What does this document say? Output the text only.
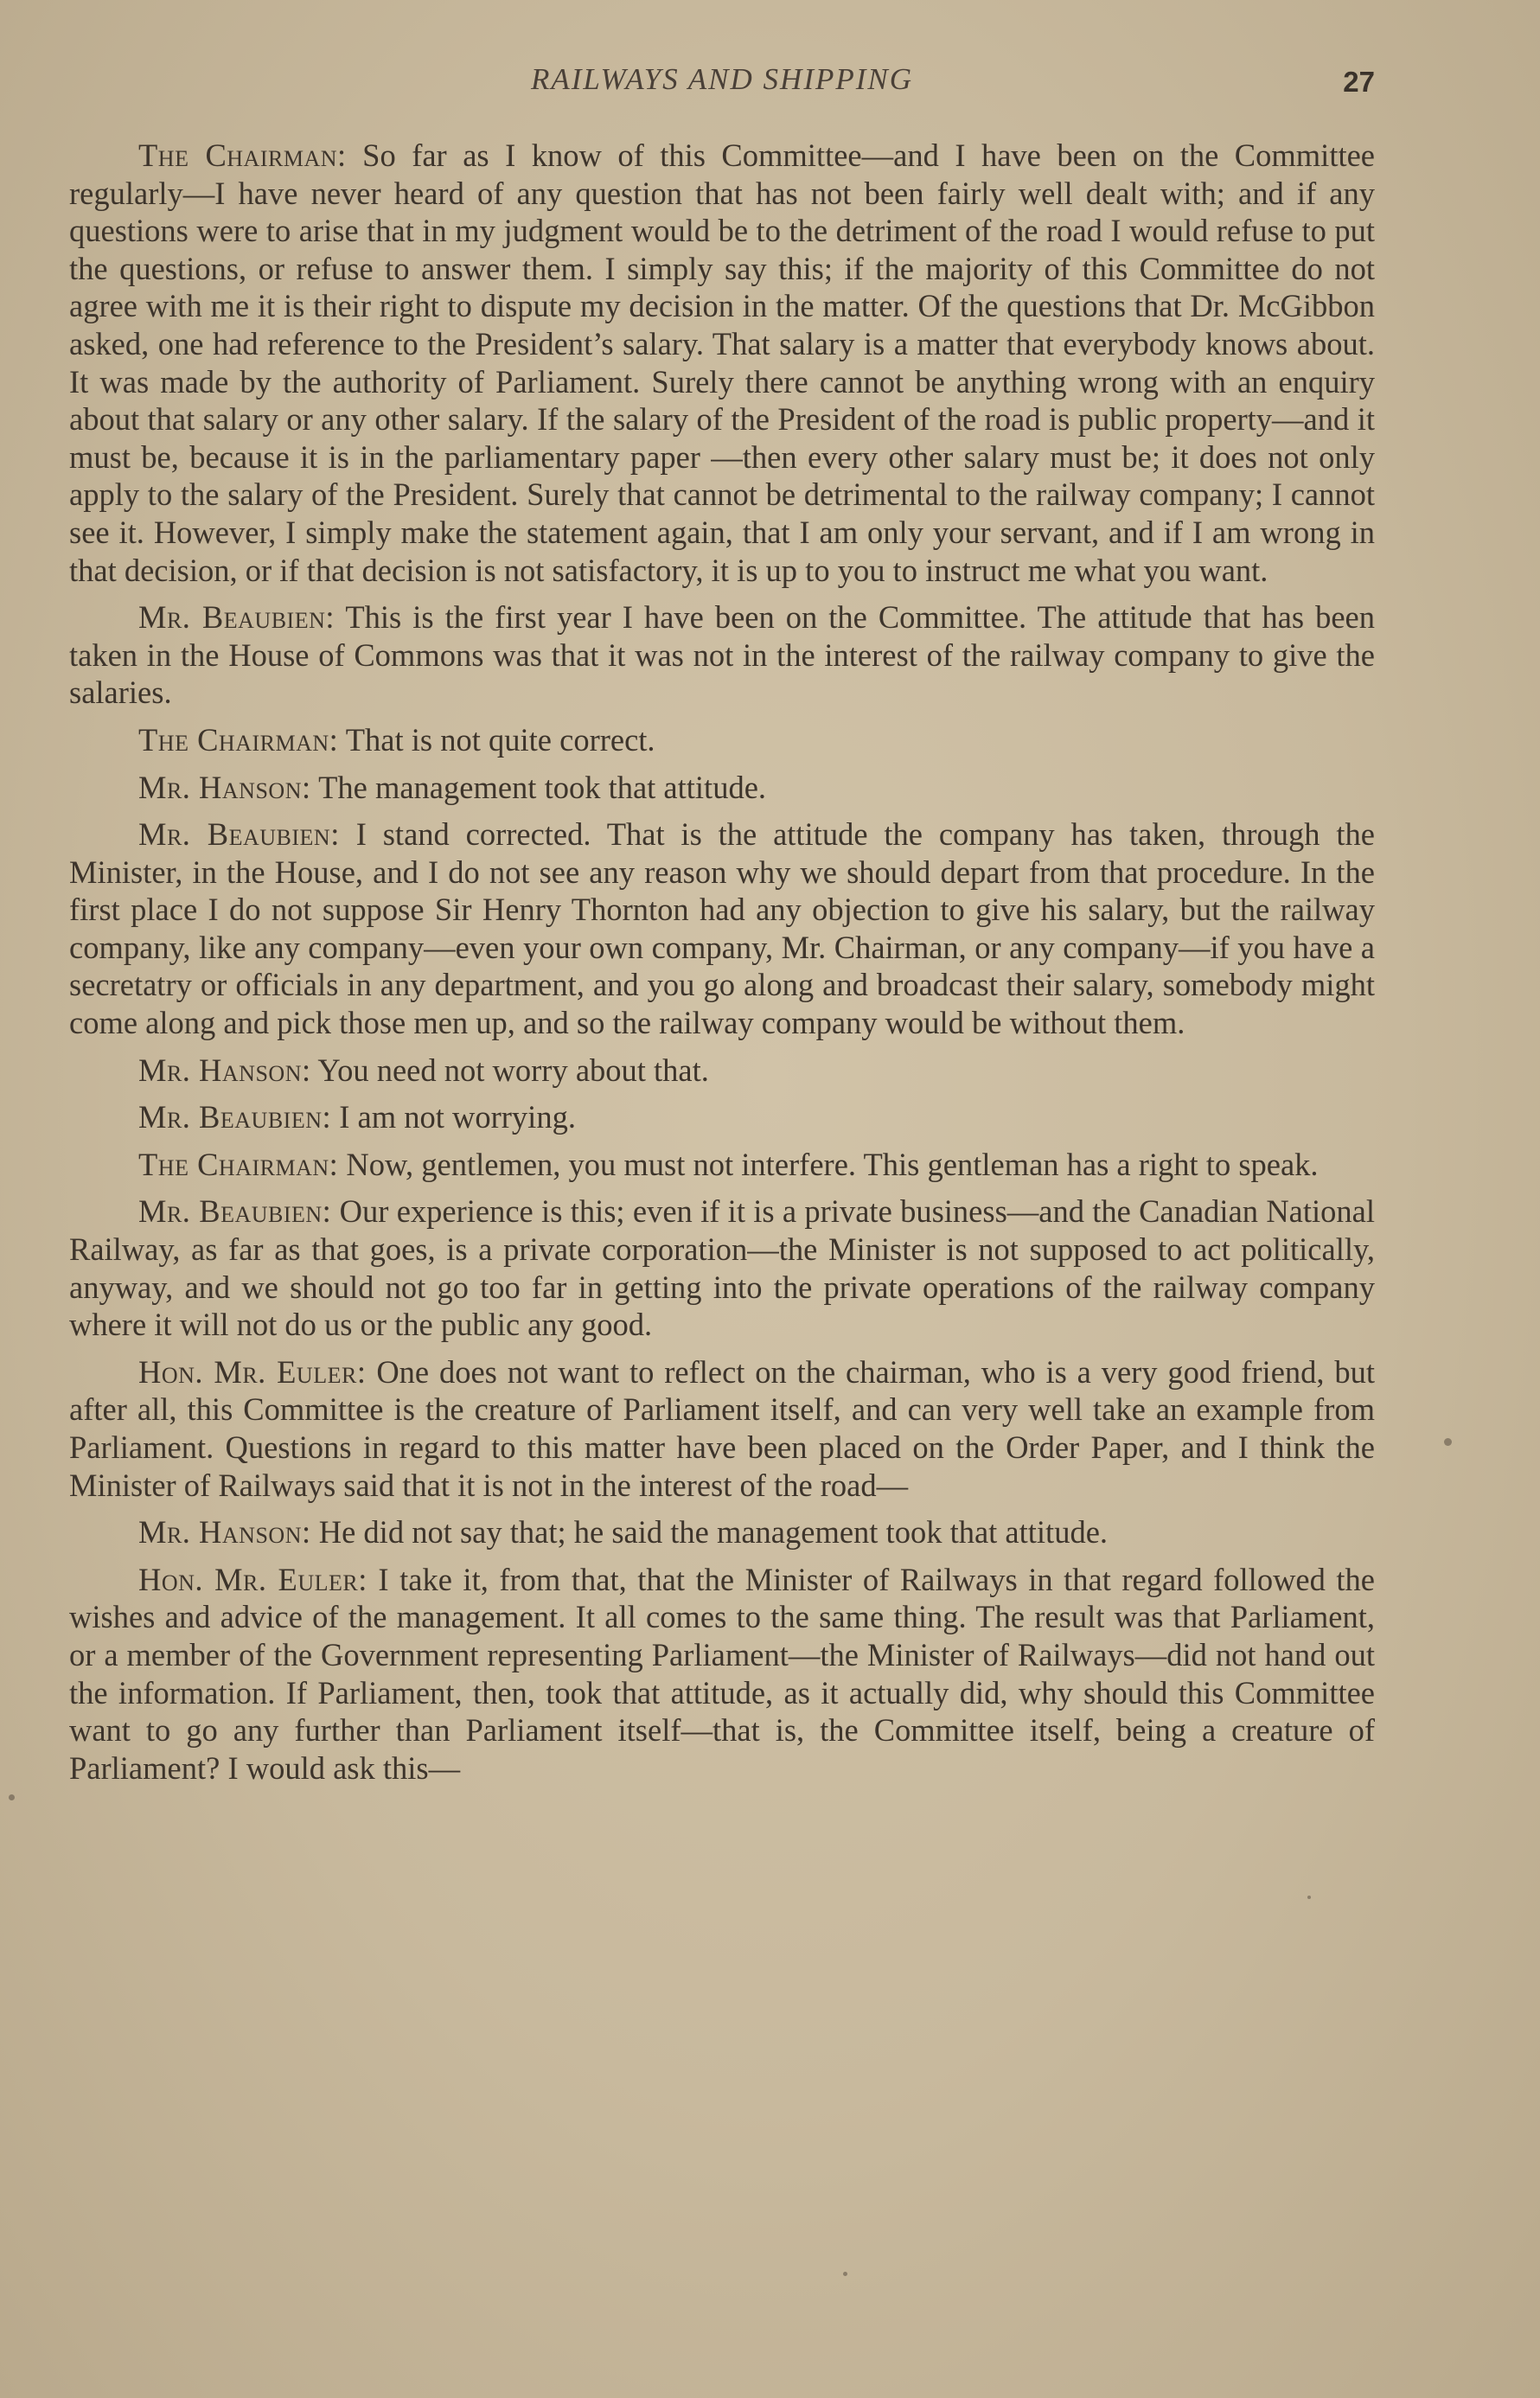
RAILWAYS AND SHIPPING	27

The Chairman: So far as I know of this Committee—and I have been on the Committee regularly—I have never heard of any question that has not been fairly well dealt with; and if any questions were to arise that in my judgment would be to the detriment of the road I would refuse to put the questions, or refuse to answer them. I simply say this; if the majority of this Committee do not agree with me it is their right to dispute my decision in the matter. Of the questions that Dr. McGibbon asked, one had reference to the President’s salary. That salary is a matter that everybody knows about. It was made by the authority of Parliament. Surely there cannot be anything wrong with an enquiry about that salary or any other salary. If the salary of the President of the road is public property—and it must be, because it is in the parliamentary paper —then every other salary must be; it does not only apply to the salary of the President. Surely that cannot be detrimental to the railway company; I cannot see it. However, I simply make the statement again, that I am only your servant, and if I am wrong in that decision, or if that decision is not satisfactory, it is up to you to instruct me what you want.

Mr. Beaubien: This is the first year I have been on the Committee. The attitude that has been taken in the House of Commons was that it was not in the interest of the railway company to give the salaries.

The Chairman: That is not quite correct.

Mr. Hanson: The management took that attitude.

Mr. Beaubien: I stand corrected. That is the attitude the company has taken, through the Minister, in the House, and I do not see any reason why we should depart from that procedure. In the first place I do not suppose Sir Henry Thornton had any objection to give his salary, but the railway company, like any company—even your own company, Mr. Chairman, or any company—if you have a secretatry or officials in any department, and you go along and broadcast their salary, somebody might come along and pick those men up, and so the railway company would be without them.

Mr. Hanson: You need not worry about that.

Mr. Beaubien: I am not worrying.

The Chairman: Now, gentlemen, you must not interfere. This gentleman has a right to speak.

Mr. Beaubien: Our experience is this; even if it is a private business—and the Canadian National Railway, as far as that goes, is a private corporation—the Minister is not supposed to act politically, anyway, and we should not go too far in getting into the private operations of the railway company where it will not do us or the public any good.

Hon. Mr. Euler: One does not want to reflect on the chairman, who is a very good friend, but after all, this Committee is the creature of Parliament itself, and can very well take an example from Parliament. Questions in regard to this matter have been placed on the Order Paper, and I think the Minister of Railways said that it is not in the interest of the road—

Mr. Hanson: He did not say that; he said the management took that attitude.

Hon. Mr. Euler: I take it, from that, that the Minister of Railways in that regard followed the wishes and advice of the management. It all comes to the same thing. The result was that Parliament, or a member of the Government representing Parliament—the Minister of Railways—did not hand out the information. If Parliament, then, took that attitude, as it actually did, why should this Committee want to go any further than Parliament itself—that is, the Committee itself, being a creature of Parliament? I would ask this—
